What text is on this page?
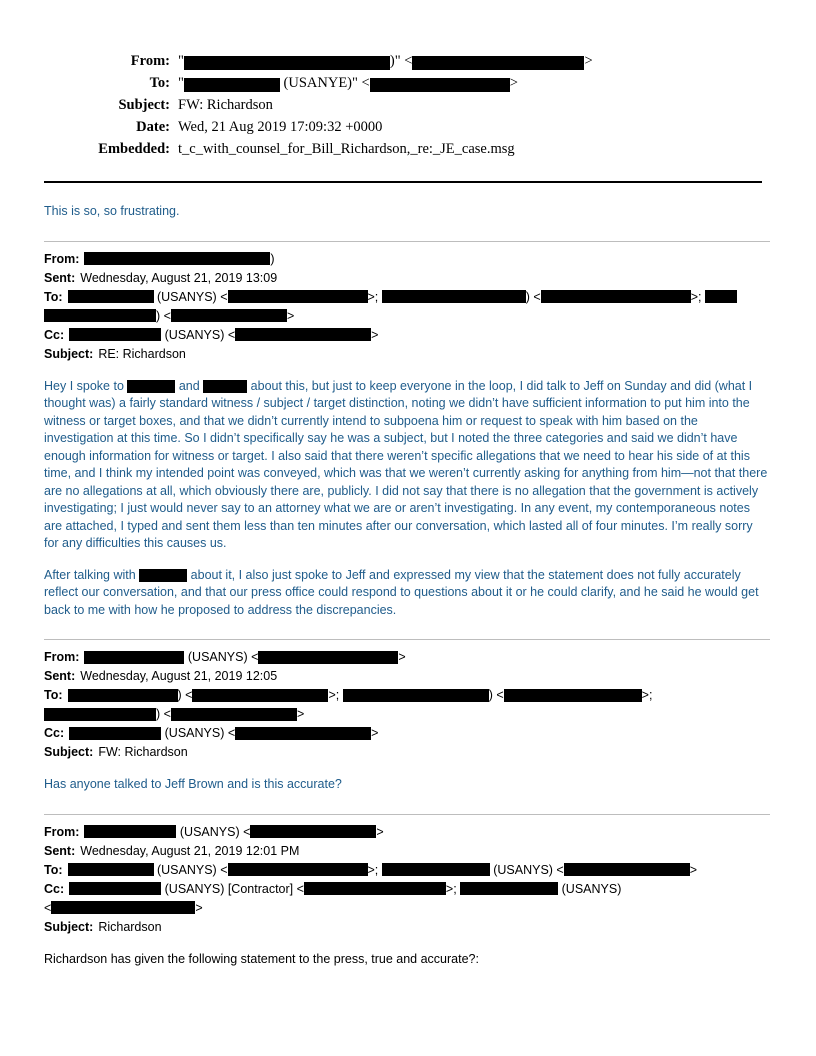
From: "	)" <	>
To: "	(USANYE)" <	>
Subject: FW: Richardson
Date: Wed, 21 Aug 2019 17:09:32 +0000
Embedded: t_c_with_counsel_for_Bill_Richardson,_re:_JE_case.msg
This is so, so frustrating.
From:	)
Sent: Wednesday, August 21, 2019 13:09
To:	(USANYS) <	>;	) <	>;
) <	>
Cc:	(USANYS) <	>
Subject: RE: Richardson
Hey I spoke to	and	about this, but just to keep everyone in the loop, I did talk to Jeff on Sunday and did (what I thought was) a fairly standard witness / subject / target distinction, noting we didn’t have sufficient information to put him into the witness or target boxes, and that we didn’t currently intend to subpoena him or request to speak with him based on the investigation at this time. So I didn’t specifically say he was a subject, but I noted the three categories and said we didn’t have enough information for witness or target. I also said that there weren’t specific allegations that we need to hear his side of at this time, and I think my intended point was conveyed, which was that we weren’t currently asking for anything from him—not that there are no allegations at all, which obviously there are, publicly. I did not say that there is no allegation that the government is actively investigating; I just would never say to an attorney what we are or aren’t investigating. In any event, my contemporaneous notes are attached, I typed and sent them less than ten minutes after our conversation, which lasted all of four minutes. I’m really sorry for any difficulties this causes us.
After talking with	about it, I also just spoke to Jeff and expressed my view that the statement does not fully accurately reflect our conversation, and that our press office could respond to questions about it or he could clarify, and he said he would get back to me with how he proposed to address the discrepancies.
From:	(USANYS) <	>
Sent: Wednesday, August 21, 2019 12:05
To:	) <	>;	) <	>;
) <	>
Cc:	(USANYS) <	>
Subject: FW: Richardson
Has anyone talked to Jeff Brown and is this accurate?
From:	(USANYS) <	>
Sent: Wednesday, August 21, 2019 12:01 PM
To:	(USANYS) <	>;	(USANYS) <	>
Cc:	(USANYS) [Contractor] <	>;	(USANYS)
<	>
Subject: Richardson
Richardson has given the following statement to the press, true and accurate?:
